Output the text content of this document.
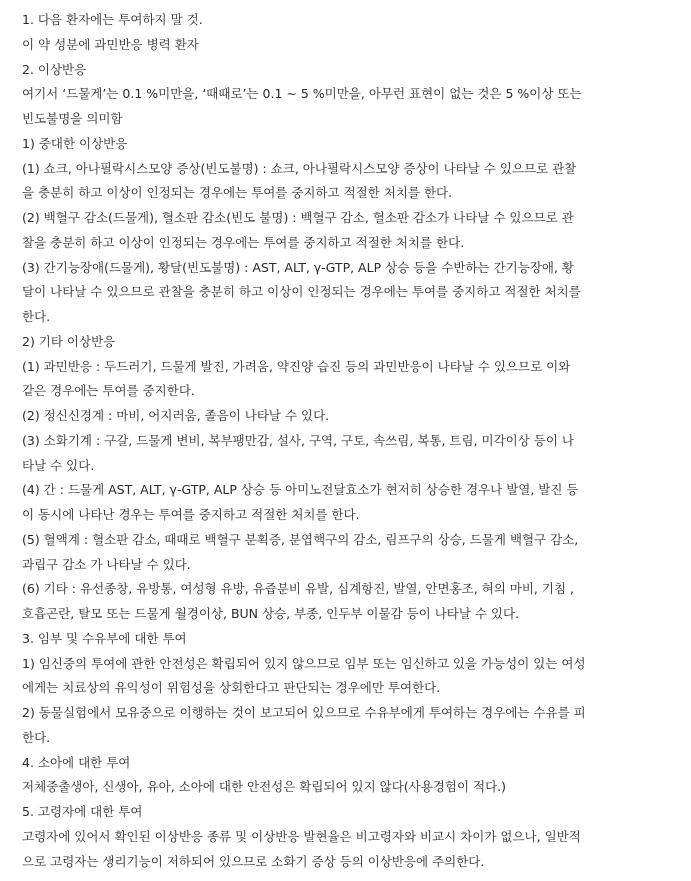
1. 다음 환자에는 투여하지 말 것.
이 약 성분에 과민반응 병력 환자
2. 이상반응
여기서 ‘드물게’는 0.1 %미만을, ‘때때로’는 0.1 ∼ 5 %미만을, 아무런 표현이 없는 것은 5 %이상 또는
빈도불명을 의미함
1) 중대한 이상반응
(1) 쇼크, 아나필락시스모양 증상(빈도불명) : 쇼크, 아나필락시스모양 증상이 나타날 수 있으므로 관찰
을 충분히 하고 이상이 인정되는 경우에는 투여를 중지하고 적절한 처치를 한다.
(2) 백혈구 감소(드물게), 혈소판 감소(빈도 불명) : 백혈구 감소, 혈소판 감소가 나타날 수 있으므로 관
찰을 충분히 하고 이상이 인정되는 경우에는 투여를 중지하고 적절한 처치를 한다.
(3) 간기능장애(드물게), 황달(빈도불명) : AST, ALT, γ-GTP, ALP 상승 등을 수반하는 간기능장애, 황
달이 나타날 수 있으므로 관찰을 충분히 하고 이상이 인정되는 경우에는 투여를 중지하고 적절한 처치를
한다.
2) 기타 이상반응
(1) 과민반응 : 두드러기, 드물게 발진, 가려움, 약진양 습진 등의 과민반응이 나타날 수 있으므로 이와
같은 경우에는 투여를 중지한다.
(2) 정신신경계 : 마비, 어지러움, 졸음이 나타날 수 있다.
(3) 소화기계 : 구갈, 드물게 변비, 복부팽만감, 설사, 구역, 구토, 속쓰림, 복통, 트림, 미각이상 등이 나
타날 수 있다.
(4) 간 : 드물게 AST, ALT, γ-GTP, ALP 상승 등 아미노전달효소가 현저히 상승한 경우나 발열, 발진 등
이 동시에 나타난 경우는 투여를 중지하고 적절한 처치를 한다.
(5) 혈액계 : 혈소판 감소, 때때로 백혈구 분획증, 분엽핵구의 감소, 림프구의 상승, 드물게 백혈구 감소,
과립구 감소 가 나타날 수 있다.
(6) 기타 : 유선종창, 유방통, 여성형 유방, 유즙분비 유발, 심계항진, 발열, 안면홍조, 혀의 마비, 기침 ,
호흡곤란, 탈모 또는 드물게 월경이상, BUN 상승, 부종, 인두부 이물감 등이 나타날 수 있다.
3. 임부 및 수유부에 대한 투여
1) 임신중의 투여에 관한 안전성은 확립되어 있지 않으므로 임부 또는 임신하고 있을 가능성이 있는 여성
에게는 치료상의 유익성이 위험성을 상회한다고 판단되는 경우에만 투여한다.
2) 동물실험에서 모유중으로 이행하는 것이 보고되어 있으므로 수유부에게 투여하는 경우에는 수유를 피
한다.
4. 소아에 대한 투여
저체중출생아, 신생아, 유아, 소아에 대한 안전성은 확립되어 있지 않다(사용경험이 적다.)
5. 고령자에 대한 투여
고령자에 있어서 확인된 이상반응 종류 및 이상반응 발현율은 비고령자와 비교시 차이가 없으나, 일반적
으로 고령자는 생리기능이 저하되어 있으므로 소화기 증상 등의 이상반응에 주의한다.
